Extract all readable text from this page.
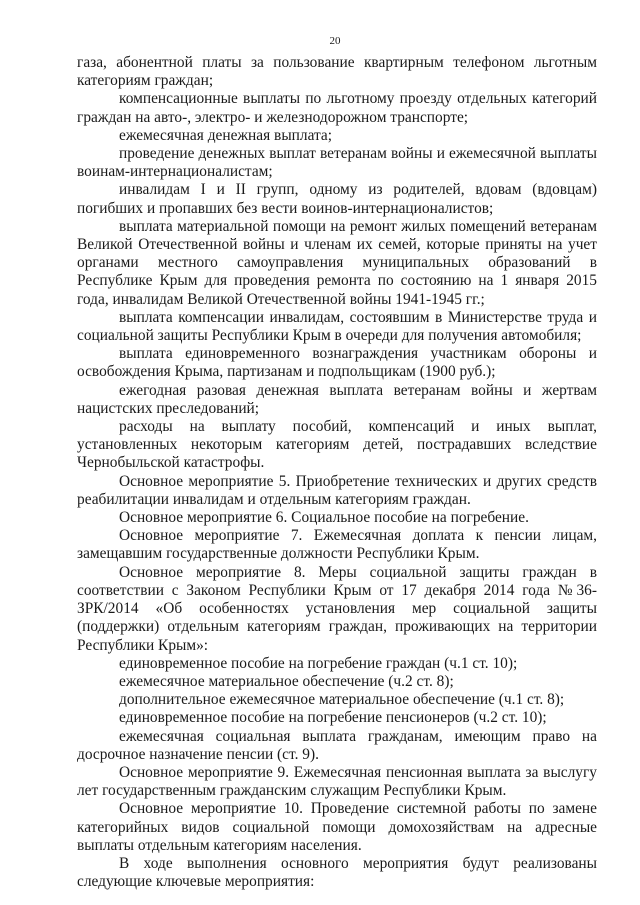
20

газа, абонентной платы за пользование квартирным телефоном льготным категориям граждан;

компенсационные выплаты по льготному проезду отдельных категорий граждан на авто-, электро- и железнодорожном транспорте;

ежемесячная денежная выплата;

проведение денежных выплат ветеранам войны и ежемесячной выплаты воинам-интернационалистам;

инвалидам I и II групп, одному из родителей, вдовам (вдовцам) погибших и пропавших без вести воинов-интернационалистов;

выплата материальной помощи на ремонт жилых помещений ветеранам Великой Отечественной войны и членам их семей, которые приняты на учет органами местного самоуправления муниципальных образований в Республике Крым для проведения ремонта по состоянию на 1 января 2015 года, инвалидам Великой Отечественной войны 1941-1945 гг.;

выплата компенсации инвалидам, состоявшим в Министерстве труда и социальной защиты Республики Крым в очереди для получения автомобиля;

выплата единовременного вознаграждения участникам обороны и освобождения Крыма, партизанам и подпольщикам (1900 руб.);

ежегодная разовая денежная выплата ветеранам войны и жертвам нацистских преследований;

расходы на выплату пособий, компенсаций и иных выплат, установленных некоторым категориям детей, пострадавших вследствие Чернобыльской катастрофы.

Основное мероприятие 5. Приобретение технических и других средств реабилитации инвалидам и отдельным категориям граждан.

Основное мероприятие 6. Социальное пособие на погребение.

Основное мероприятие 7. Ежемесячная доплата к пенсии лицам, замещавшим государственные должности Республики Крым.

Основное мероприятие 8. Меры социальной защиты граждан в соответствии с Законом Республики Крым от 17 декабря 2014 года №36-ЗРК/2014 «Об особенностях установления мер социальной защиты (поддержки) отдельным категориям граждан, проживающих на территории Республики Крым»:

единовременное пособие на погребение граждан (ч.1 ст. 10);

ежемесячное материальное обеспечение (ч.2 ст. 8);

дополнительное ежемесячное материальное обеспечение (ч.1 ст. 8);

единовременное пособие на погребение пенсионеров (ч.2 ст. 10);

ежемесячная социальная выплата гражданам, имеющим право на досрочное назначение пенсии (ст. 9).

Основное мероприятие 9. Ежемесячная пенсионная выплата за выслугу лет государственным гражданским служащим Республики Крым.

Основное мероприятие 10. Проведение системной работы по замене категорийных видов социальной помощи домохозяйствам на адресные выплаты отдельным категориям населения.

В ходе выполнения основного мероприятия будут реализованы следующие ключевые мероприятия:
